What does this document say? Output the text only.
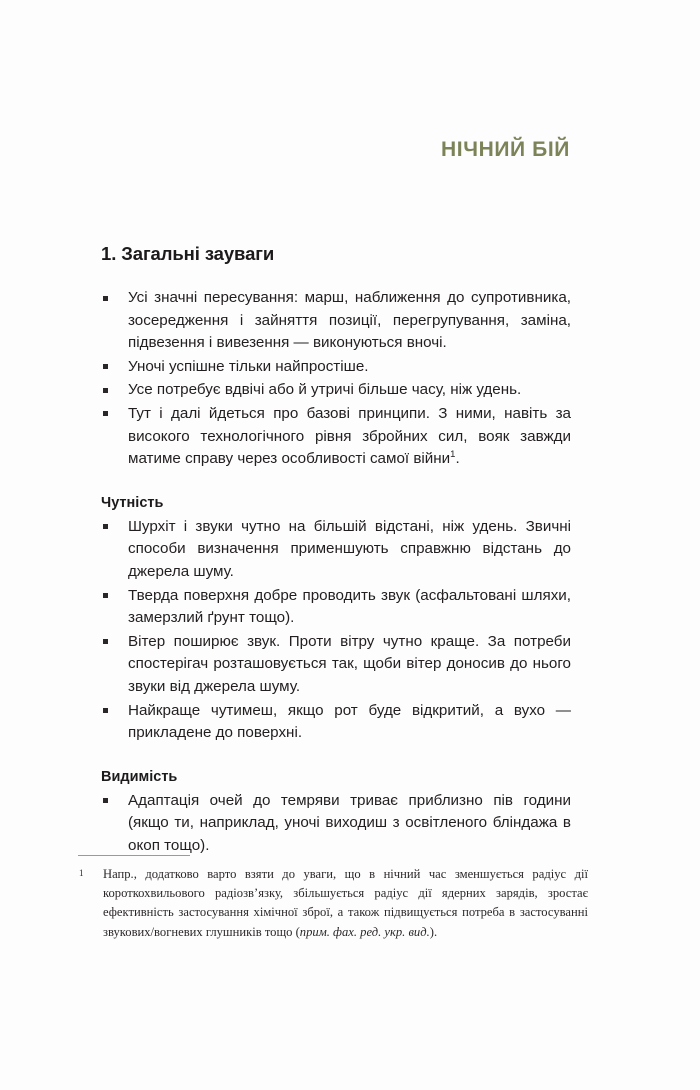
НІЧНИЙ БІЙ
1. Загальні зауваги
Усі значні пересування: марш, наближення до супротивника, зосередження і зайняття позиції, перегрупування, заміна, підвезення і вивезення — виконуються вночі.
Уночі успішне тільки найпростіше.
Усе потребує вдвічі або й утричі більше часу, ніж удень.
Тут і далі йдеться про базові принципи. З ними, навіть за високого технологічного рівня збройних сил, вояк завжди матиме справу через особливості самої війни$^1$.
Чутність
Шурхіт і звуки чутно на більшій відстані, ніж удень. Звичні способи визначення применшують справжню відстань до джерела шуму.
Тверда поверхня добре проводить звук (асфальтовані шляхи, замерзлий ґрунт тощо).
Вітер поширює звук. Проти вітру чутно краще. За потреби спостерігач розташовується так, щоби вітер доносив до нього звуки від джерела шуму.
Найкраще чутимеш, якщо рот буде відкритий, а вухо — прикладене до поверхні.
Видимість
Адаптація очей до темряви триває приблизно пів години (якщо ти, наприклад, уночі виходиш з освітленого бліндажа в окоп тощо).
1 Напр., додатково варто взяти до уваги, що в нічний час зменшується радіус дії короткохвильового радіозв’язку, збільшується радіус дії ядерних зарядів, зростає ефективність застосування хімічної зброї, а також підвищується потреба в застосуванні звукових/вогневих глушників тощо (прим. фах. ред. укр. вид.).
